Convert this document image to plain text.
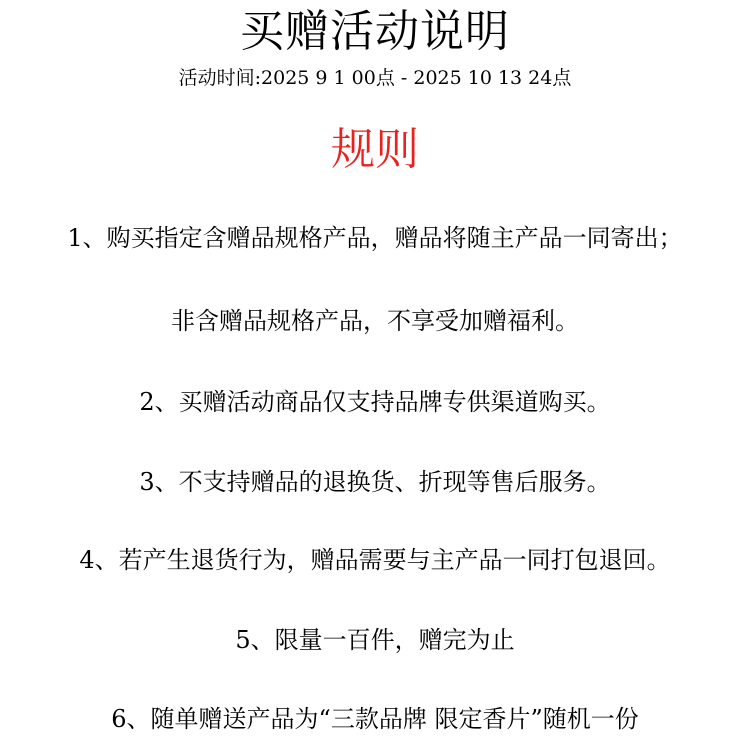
买赠活动说明
活动时间:2025 9 1 00点 - 2025 10 13 24点
规则
1、购买指定含赠品规格产品，赠品将随主产品一同寄出；
非含赠品规格产品，不享受加赠福利。
2、买赠活动商品仅支持品牌专供渠道购买。
3、不支持赠品的退换货、折现等售后服务。
4、若产生退货行为，赠品需要与主产品一同打包退回。
5、限量一百件，赠完为止
6、随单赠送产品为“三款品牌 限定香片”随机一份
